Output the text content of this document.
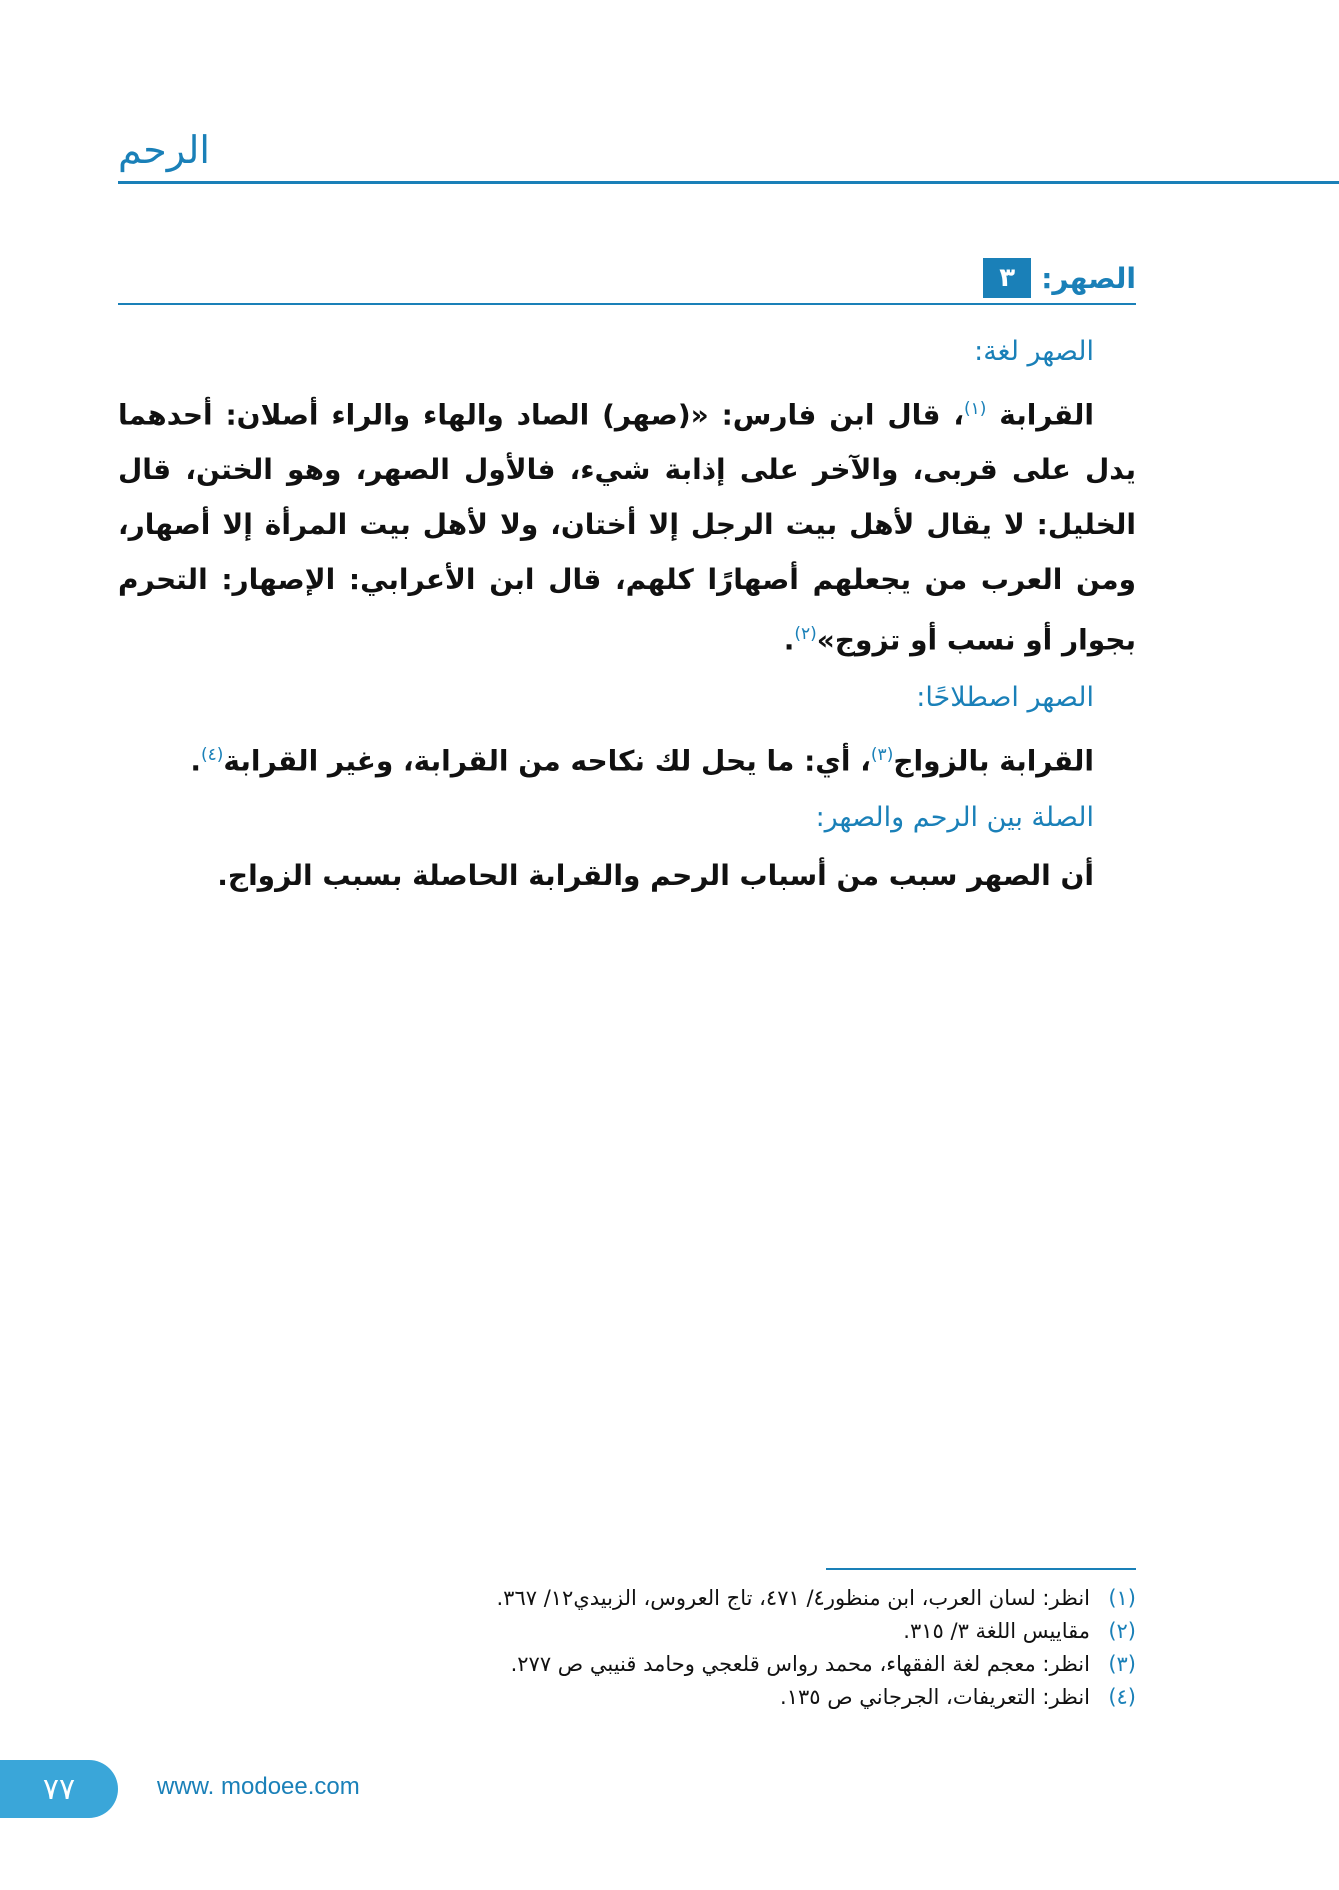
الرحم
٣ الصهر:
الصهر لغة:

القرابة $^{(١)}$، قال ابن فارس: «(صهر) الصاد والهاء والراء أصلان: أحدهما يدل على قربى، والآخر على إذابة شيء، فالأول الصهر، وهو الختن، قال الخليل: لا يقال لأهل بيت الرجل إلا أختان، ولا لأهل بيت المرأة إلا أصهار، ومن العرب من يجعلهم أصهارًا كلهم، قال ابن الأعرابي: الإصهار: التحرم بجوار أو نسب أو تزوج»$^{(٢)}$.

الصهر اصطلاحًا:

القرابة بالزواج$^{(٣)}$، أي: ما يحل لك نكاحه من القرابة، وغير القرابة$^{(٤)}$.

الصلة بين الرحم والصهر:

أن الصهر سبب من أسباب الرحم والقرابة الحاصلة بسبب الزواج.

(١)
انظر: لسان العرب، ابن منظور٤/ ٤٧١، تاج العروس، الزبيدي١٢/ ٣٦٧.
(٢)
مقاييس اللغة ٣/ ٣١٥.
(٣)
انظر: معجم لغة الفقهاء، محمد رواس قلعجي وحامد قنيبي ص ٢٧٧.
(٤)
انظر: التعريفات، الجرجاني ص ١٣٥.
٧٧	www. modoee.com
